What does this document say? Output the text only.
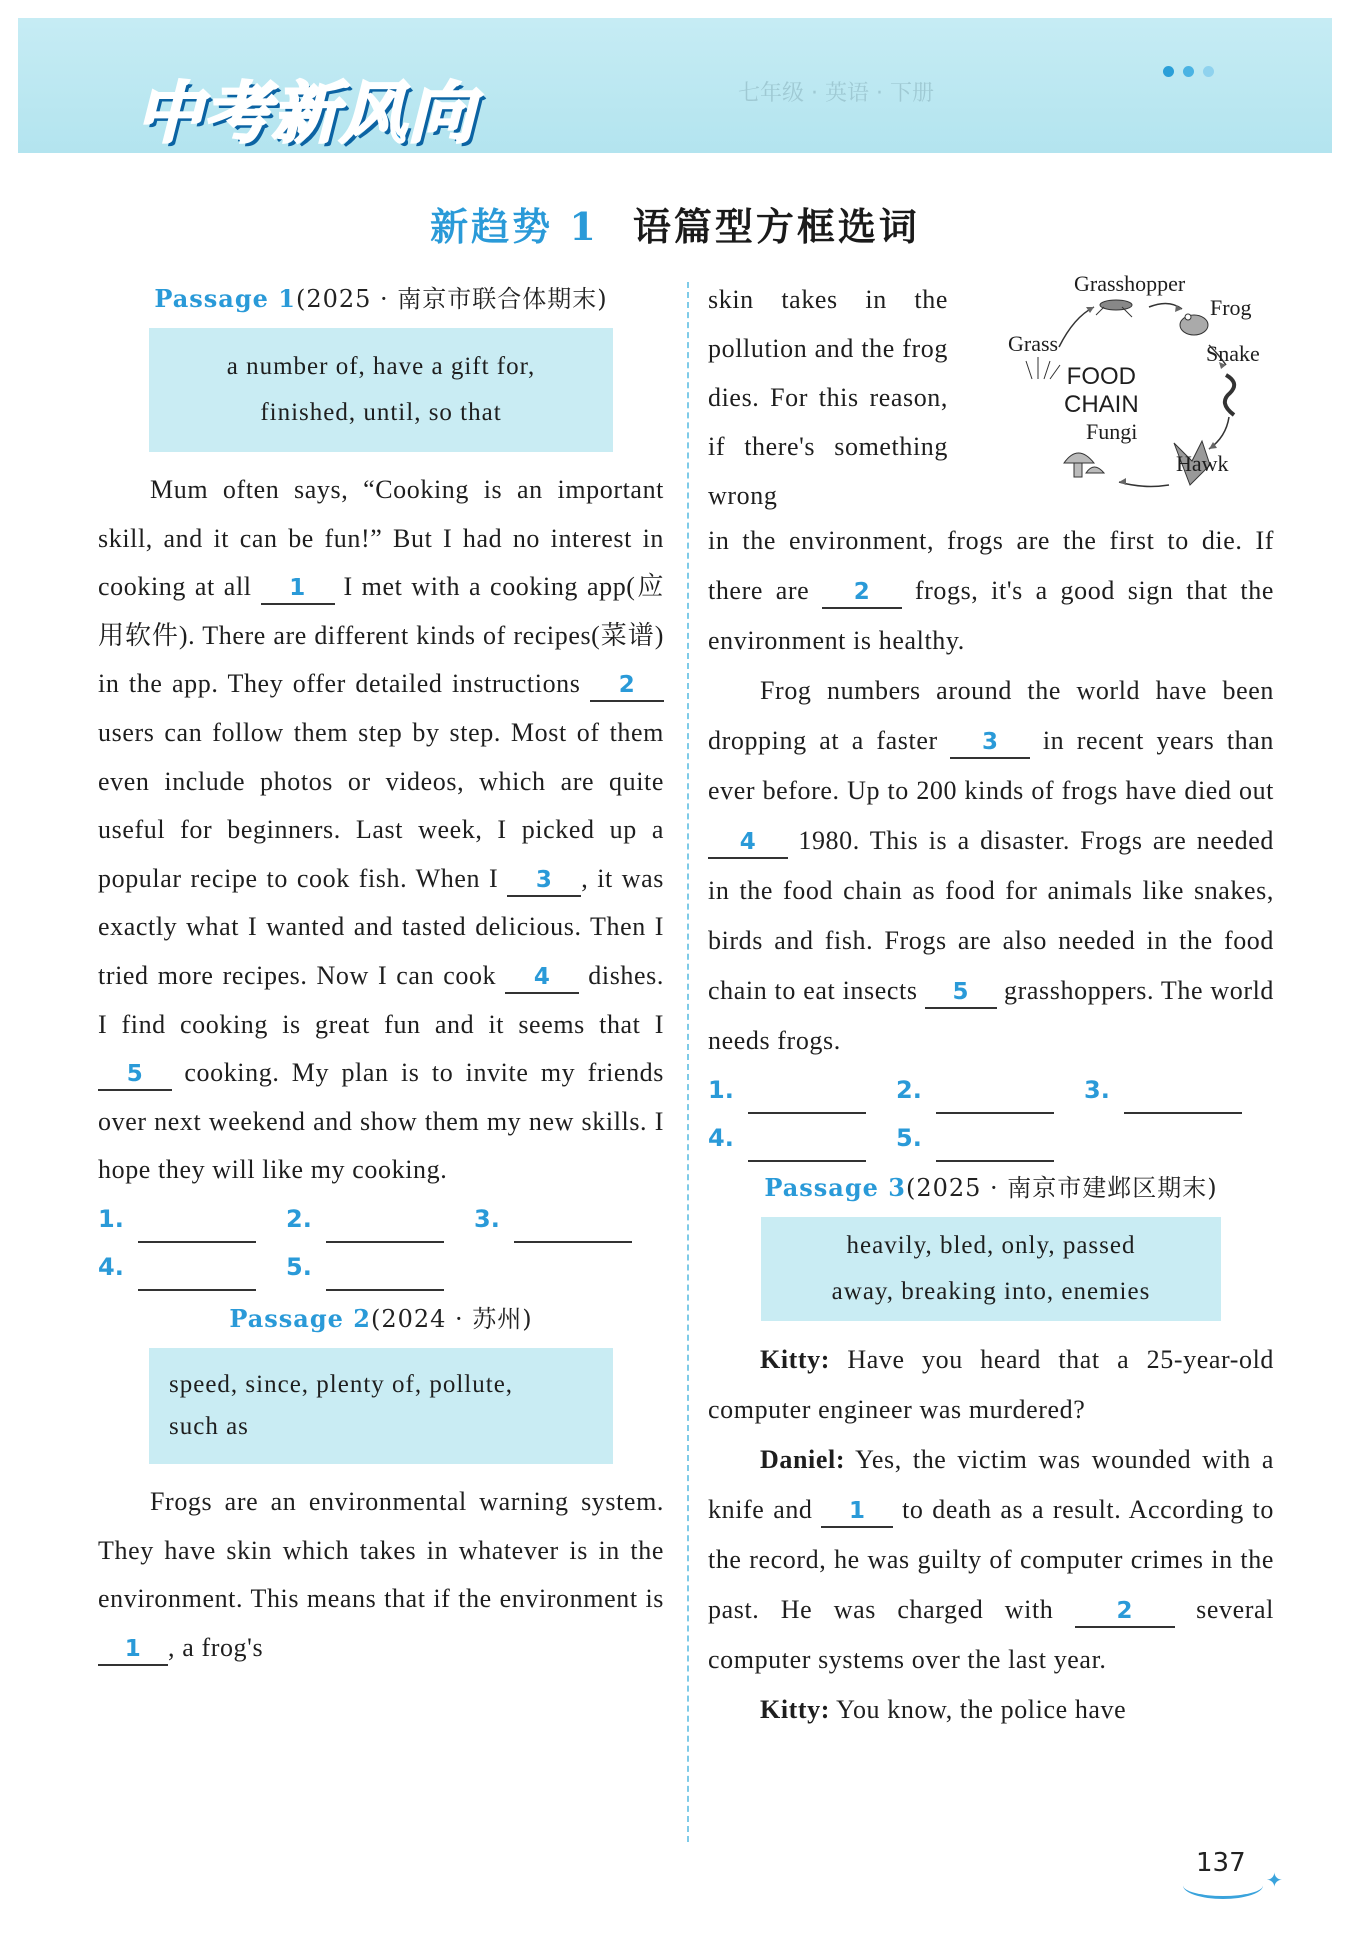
中考新风向	七年级 · 英语 · 下册
新趋势 1 语篇型方框选词
Passage 1(2025 · 南京市联合体期末)
a number of, have a gift for,
finished, until, so that

Mum often says, “Cooking is an important skill, and it can be fun!” But I had no interest in cooking at all 1 I met with a cooking app(应用软件). There are different kinds of recipes(菜谱) in the app. They offer detailed instructions 2 users can follow them step by step. Most of them even include photos or videos, which are quite useful for beginners. Last week, I picked up a popular recipe to cook fish. When I 3 , it was exactly what I wanted and tasted delicious. Then I tried more recipes. Now I can cook 4 dishes. I find cooking is great fun and it seems that I 5 cooking. My plan is to invite my friends over next weekend and show them my new skills. I hope they will like my cooking.

1.	2.	3.
4.	5.
Passage 2(2024 · 苏州)
speed, since, plenty of, pollute,
such as

Frogs are an environmental warning system. They have skin which takes in whatever is in the environment. This means that if the environment is 1 , a frog's

skin takes in the pollution and the frog dies. For this reason, if there's something wrong

Grasshopper
Frog
Grass	Snake
FOOD
CHAIN
Fungi
Hawk

in the environment, frogs are the first to die. If there are 2 frogs, it's a good sign that the environment is healthy.

Frog numbers around the world have been dropping at a faster 3 in recent years than ever before. Up to 200 kinds of frogs have died out 4 1980. This is a disaster. Frogs are needed in the food chain as food for animals like snakes, birds and fish. Frogs are also needed in the food chain to eat insects 5 grasshoppers. The world needs frogs.

1.	2.	3.
4.	5.
Passage 3(2025 · 南京市建邺区期末)
heavily, bled, only, passed
away, breaking into, enemies

Kitty: Have you heard that a 25-year-old computer engineer was murdered?

Daniel: Yes, the victim was wounded with a knife and 1 to death as a result. According to the record, he was guilty of computer crimes in the past. He was charged with 2 several computer systems over the last year.

Kitty: You know, the police have

137
✦
